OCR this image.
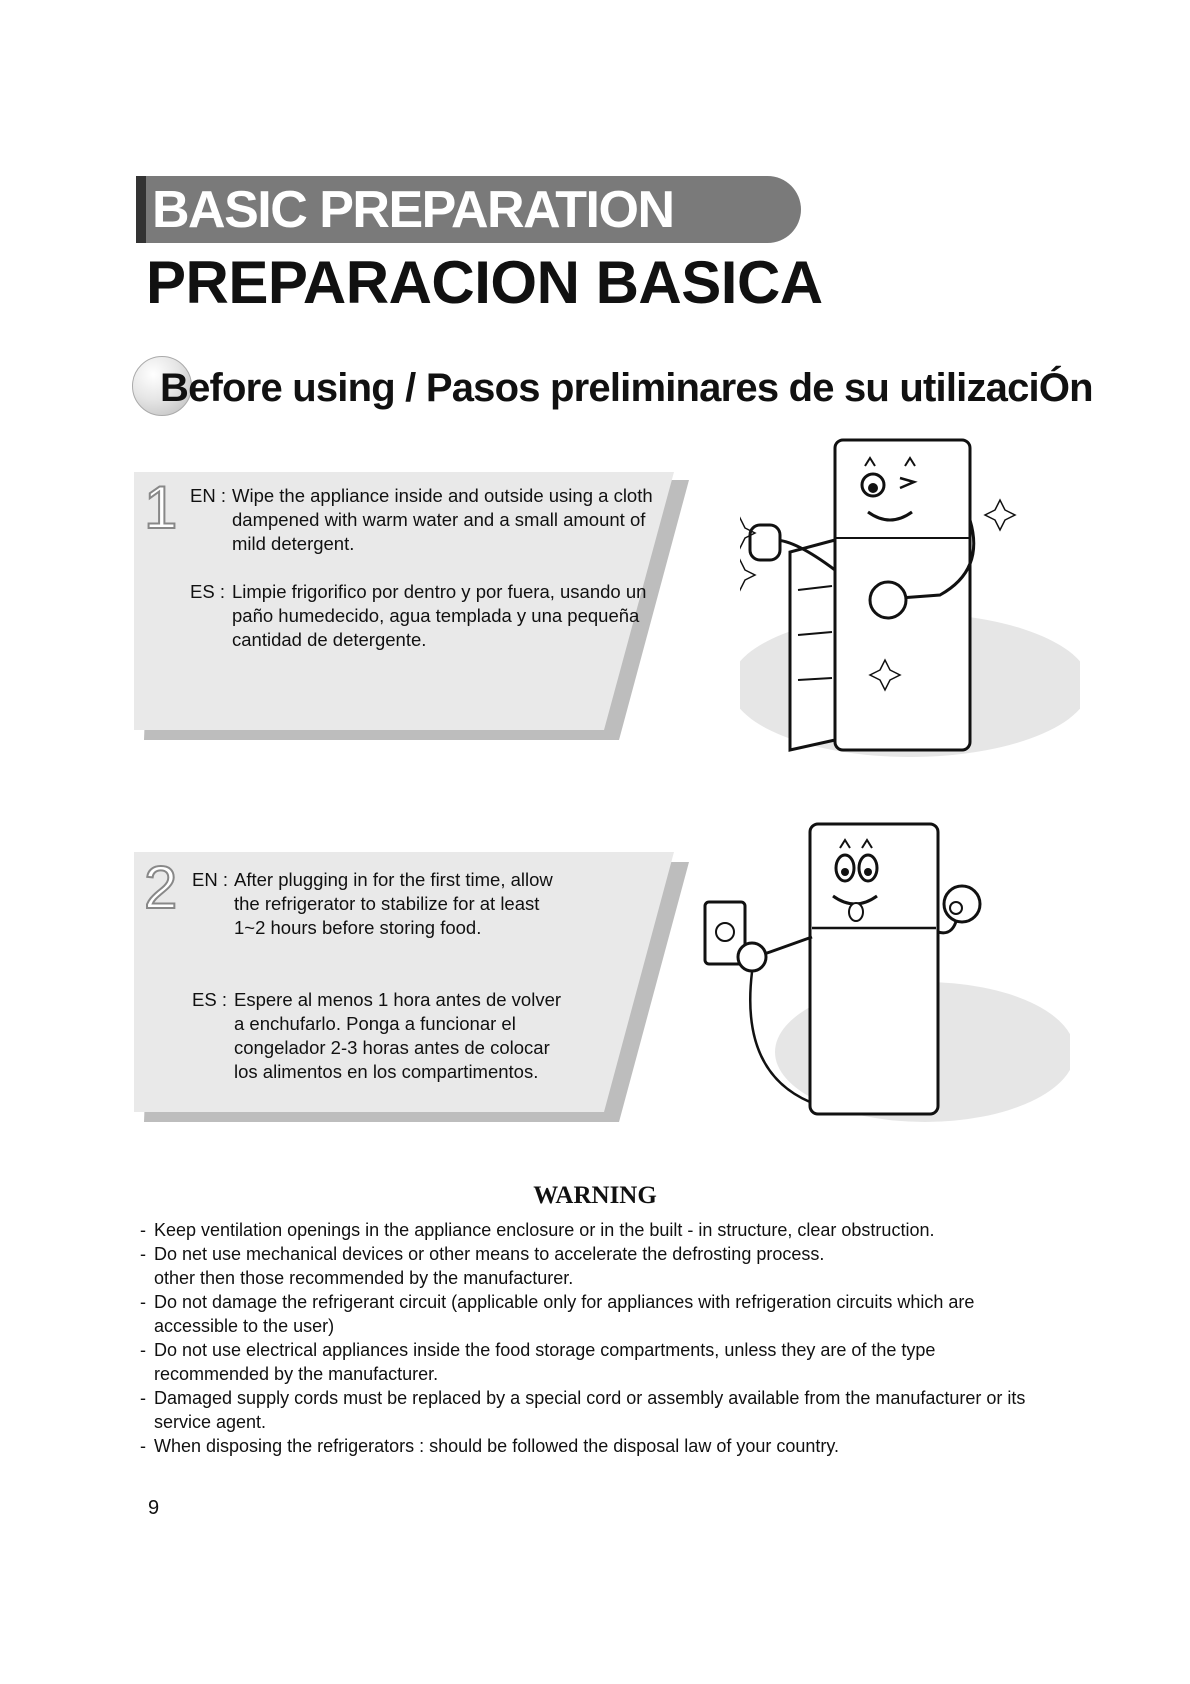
BASIC PREPARATION
PREPARACION BASICA
Before using / Pasos preliminares de su utilizaciÓn
1 EN : Wipe the appliance inside and outside using a cloth
dampened with warm water and a small amount of
mild detergent.
ES : Limpie frigorifico por dentro y por fuera, usando un
paño humedecido, agua templada y una pequeña
cantidad de detergente.
2 EN : After plugging in for the first time, allow
the refrigerator to stabilize for at least
1~2 hours before storing food.
ES : Espere al menos 1 hora antes de volver
a enchufarlo. Ponga a funcionar el
congelador 2-3 horas antes de colocar
los alimentos en los compartimentos.
WARNING
- Keep ventilation openings in the appliance enclosure or in the built - in structure, clear obstruction.
- Do net use mechanical devices or other means to accelerate the defrosting process.
other then those recommended by the manufacturer.
- Do not damage the refrigerant circuit (applicable only for appliances with refrigeration circuits which are
accessible to the user)
- Do not use electrical appliances inside the food storage compartments, unless they are of the type
recommended by the manufacturer.
- Damaged supply cords must be replaced by a special cord or assembly available from the manufacturer or its
service agent.
- When disposing the refrigerators : should be followed the disposal law of your country.
9
